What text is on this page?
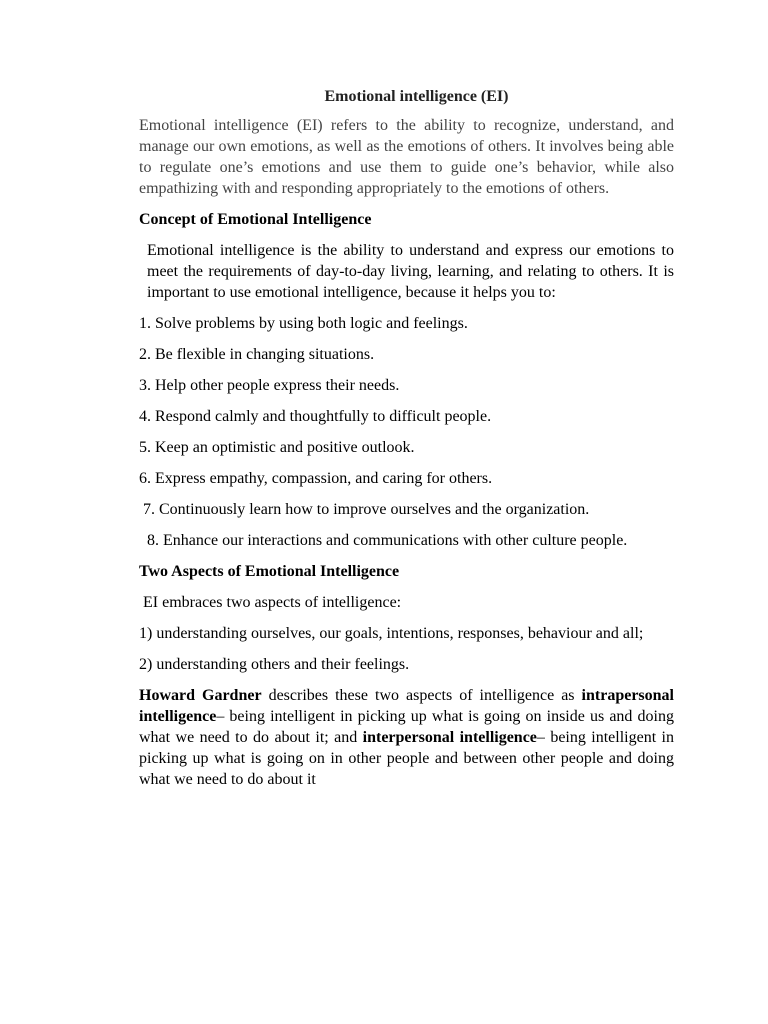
Emotional intelligence (EI)

Emotional intelligence (EI) refers to the ability to recognize, understand, and manage our own emotions, as well as the emotions of others. It involves being able to regulate one’s emotions and use them to guide one’s behavior, while also empathizing with and responding appropriately to the emotions of others.

Concept of Emotional Intelligence

Emotional intelligence is the ability to understand and express our emotions to meet the requirements of day-to-day living, learning, and relating to others. It is important to use emotional intelligence, because it helps you to:

1. Solve problems by using both logic and feelings.
2. Be flexible in changing situations.
3. Help other people express their needs.
4. Respond calmly and thoughtfully to difficult people.
5. Keep an optimistic and positive outlook.
6. Express empathy, compassion, and caring for others.
7. Continuously learn how to improve ourselves and the organization.

8. Enhance our interactions and communications with other culture people.

Two Aspects of Emotional Intelligence
EI embraces two aspects of intelligence:

1) understanding ourselves, our goals, intentions, responses, behaviour and all;

2) understanding others and their feelings.

Howard Gardner describes these two aspects of intelligence as intrapersonal intelligence– being intelligent in picking up what is going on inside us and doing what we need to do about it; and interpersonal intelligence– being intelligent in picking up what is going on in other people and between other people and doing what we need to do about it
